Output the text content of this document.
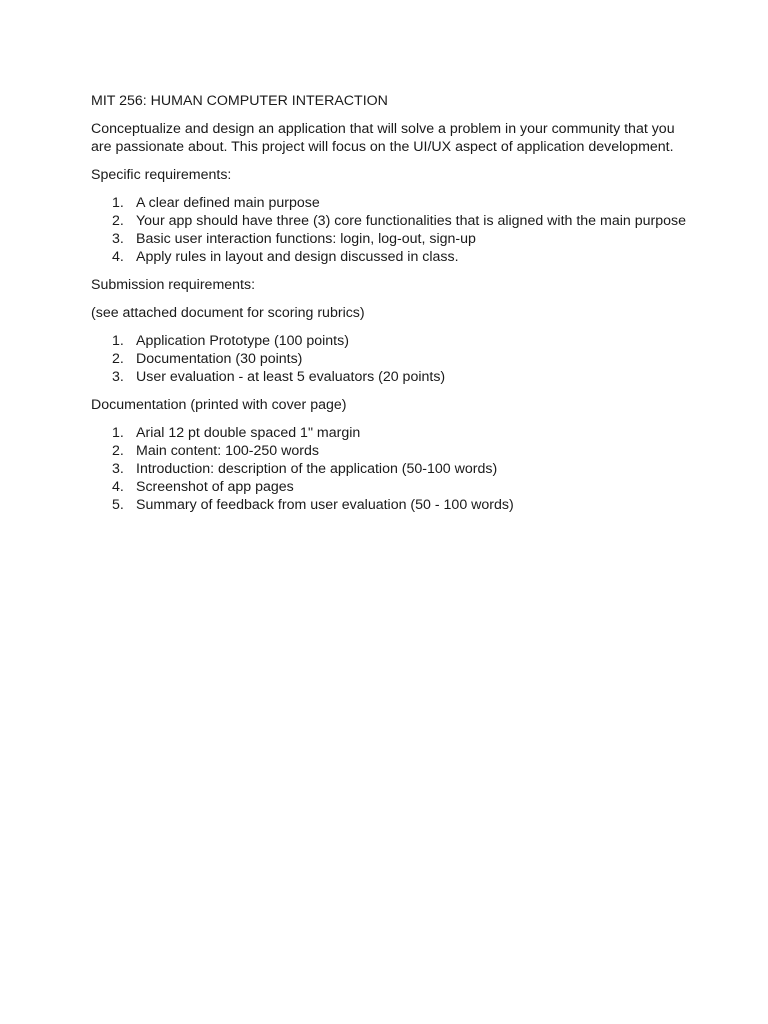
MIT 256: HUMAN COMPUTER INTERACTION

Conceptualize and design an application that will solve a problem in your community that you
are passionate about. This project will focus on the UI/UX aspect of application development.

Specific requirements:

1. A clear defined main purpose
2. Your app should have three (3) core functionalities that is aligned with the main purpose
3. Basic user interaction functions: login, log-out, sign-up
4. Apply rules in layout and design discussed in class.

Submission requirements:

(see attached document for scoring rubrics)

1. Application Prototype (100 points)
2. Documentation (30 points)
3. User evaluation - at least 5 evaluators (20 points)

Documentation (printed with cover page)

1. Arial 12 pt double spaced 1" margin
2. Main content: 100-250 words
3. Introduction: description of the application (50-100 words)
4. Screenshot of app pages
5. Summary of feedback from user evaluation (50 - 100 words)
